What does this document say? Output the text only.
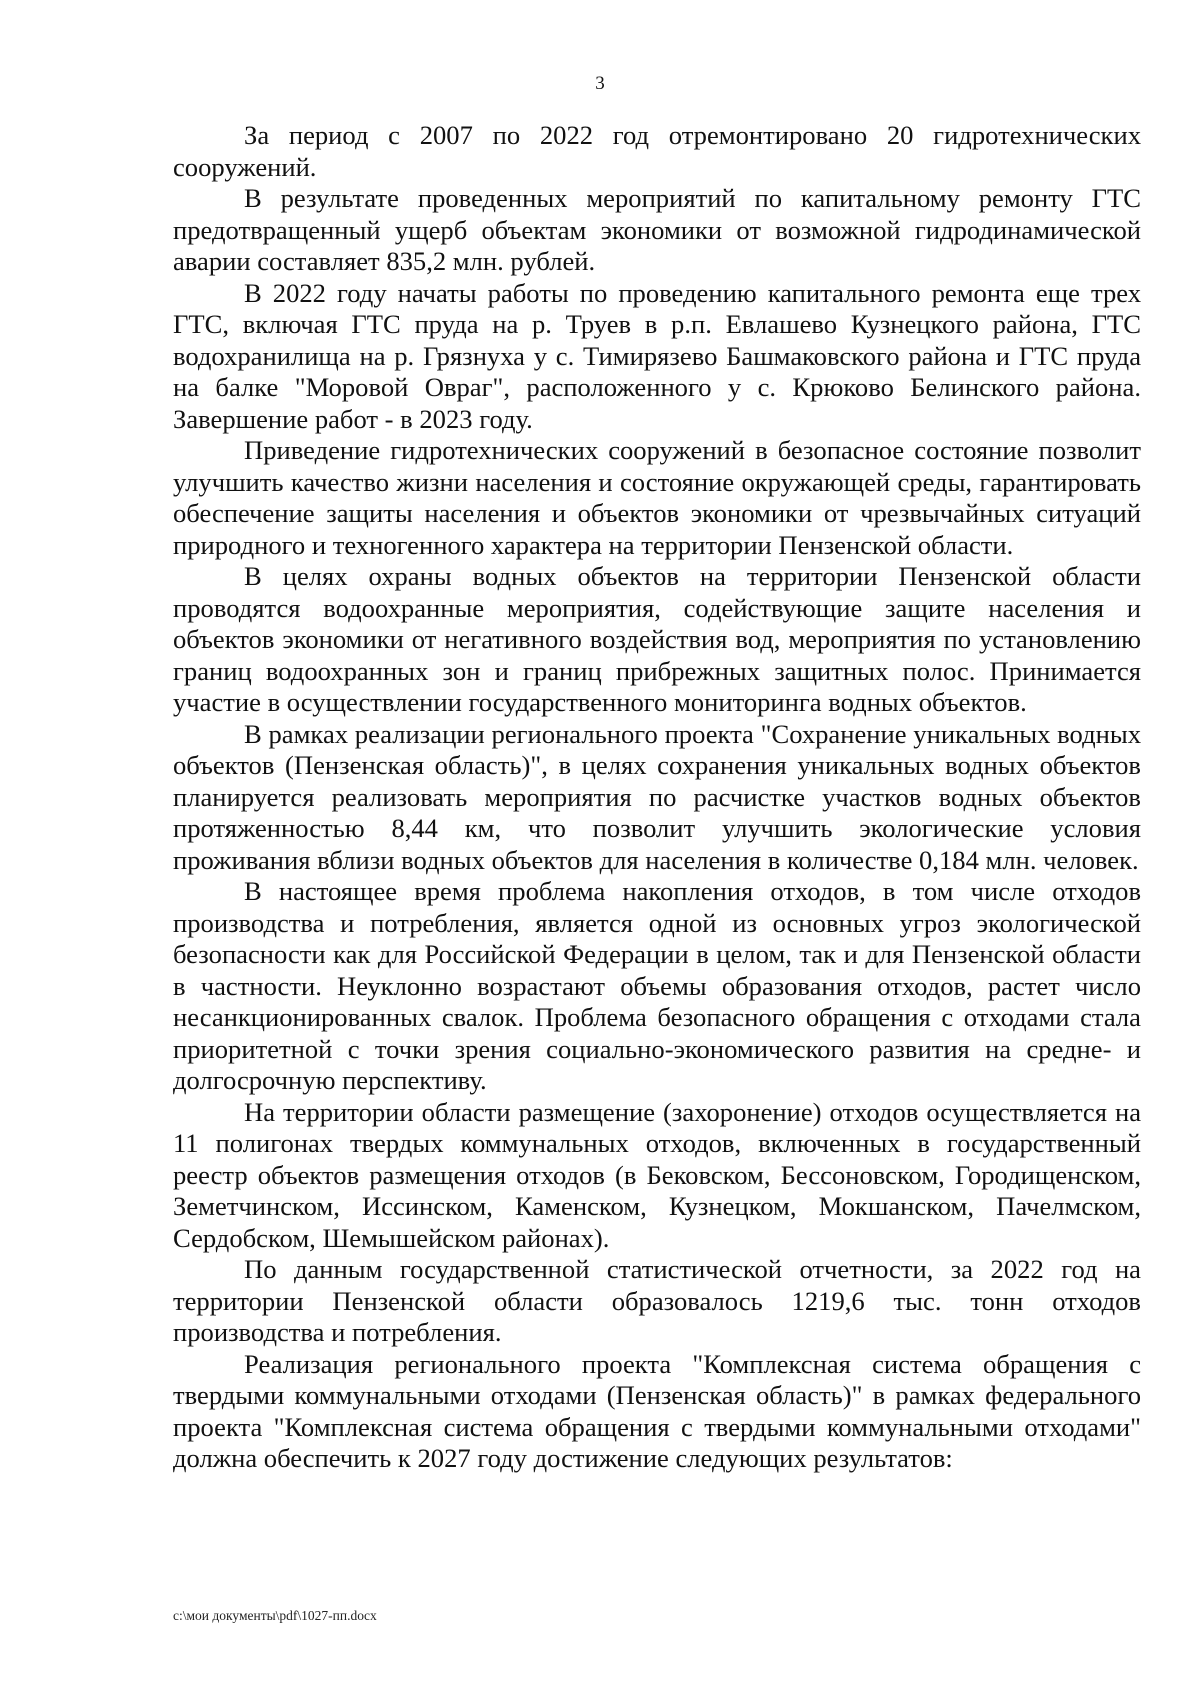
3

За период с 2007 по 2022 год отремонтировано 20 гидротехнических сооружений.

В результате проведенных мероприятий по капитальному ремонту ГТС предотвращенный ущерб объектам экономики от возможной гидродинамической аварии составляет 835,2 млн. рублей.

В 2022 году начаты работы по проведению капитального ремонта еще трех ГТС, включая ГТС пруда на р. Труев в р.п. Евлашево Кузнецкого района, ГТС водохранилища на р. Грязнуха у с. Тимирязево Башмаковского района и ГТС пруда на балке "Моровой Овраг", расположенного у с. Крюково Белинского района. Завершение работ - в 2023 году.

Приведение гидротехнических сооружений в безопасное состояние позволит улучшить качество жизни населения и состояние окружающей среды, гарантировать обеспечение защиты населения и объектов экономики от чрезвычайных ситуаций природного и техногенного характера на территории Пензенской области.

В целях охраны водных объектов на территории Пензенской области проводятся водоохранные мероприятия, содействующие защите населения и объектов экономики от негативного воздействия вод, мероприятия по установлению границ водоохранных зон и границ прибрежных защитных полос. Принимается участие в осуществлении государственного мониторинга водных объектов.

В рамках реализации регионального проекта "Сохранение уникальных водных объектов (Пензенская область)", в целях сохранения уникальных водных объектов планируется реализовать мероприятия по расчистке участков водных объектов протяженностью 8,44 км, что позволит улучшить экологические условия проживания вблизи водных объектов для населения в количестве 0,184 млн. человек.

В настоящее время проблема накопления отходов, в том числе отходов производства и потребления, является одной из основных угроз экологической безопасности как для Российской Федерации в целом, так и для Пензенской области в частности. Неуклонно возрастают объемы образования отходов, растет число несанкционированных свалок. Проблема безопасного обращения с отходами стала приоритетной с точки зрения социально-экономического развития на средне- и долгосрочную перспективу.

На территории области размещение (захоронение) отходов осуществляется на 11 полигонах твердых коммунальных отходов, включенных в государственный реестр объектов размещения отходов (в Бековском, Бессоновском, Городищенском, Земетчинском, Иссинском, Каменском, Кузнецком, Мокшанском, Пачелмском, Сердобском, Шемышейском районах).

По данным государственной статистической отчетности, за 2022 год на территории Пензенской области образовалось 1219,6 тыс. тонн отходов производства и потребления.

Реализация регионального проекта "Комплексная система обращения с твердыми коммунальными отходами (Пензенская область)" в рамках федерального проекта "Комплексная система обращения с твердыми коммунальными отходами" должна обеспечить к 2027 году достижение следующих результатов:

c:\мои документы\pdf\1027-пп.docx
